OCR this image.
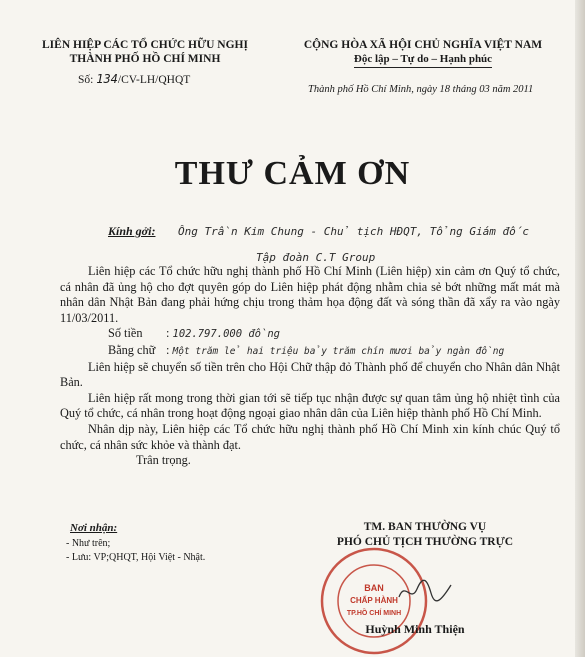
LIÊN HIỆP CÁC TỔ CHỨC HỮU NGHỊ
THÀNH PHỐ HỒ CHÍ MINH
Số: 134/CV-LH/QHQT
CỘNG HÒA XÃ HỘI CHỦ NGHĨA VIỆT NAM
Độc lập – Tự do – Hạnh phúc
Thành phố Hồ Chí Minh, ngày 18 tháng 03 năm 2011
THƯ CẢM ƠN
Kính gởi: Ông Trần Kim Chung - Chủ tịch HĐQT, Tổng Giám đốc
Tập đoàn C.T Group

Liên hiệp các Tổ chức hữu nghị thành phố Hồ Chí Minh (Liên hiệp) xin cảm ơn Quý tổ chức, cá nhân đã ủng hộ cho đợt quyên góp do Liên hiệp phát động nhằm chia sẻ bớt những mất mát mà nhân dân Nhật Bản đang phải hứng chịu trong thảm họa động đất và sóng thần đã xẩy ra vào ngày 11/03/2011.

Số tiền : 102.797.000 đồng
Bằng chữ : Một trăm lẻ hai triệu bảy trăm chín mươi bảy ngàn đồng

Liên hiệp sẽ chuyển số tiền trên cho Hội Chữ thập đỏ Thành phố để chuyển cho Nhân dân Nhật Bản.

Liên hiệp rất mong trong thời gian tới sẽ tiếp tục nhận được sự quan tâm ủng hộ nhiệt tình của Quý tổ chức, cá nhân trong hoạt động ngoại giao nhân dân của Liên hiệp thành phố Hồ Chí Minh.

Nhân dịp này, Liên hiệp các Tổ chức hữu nghị thành phố Hồ Chí Minh xin kính chúc Quý tổ chức, cá nhân sức khỏe và thành đạt.

Trân trọng.

Nơi nhận:
- Như trên;
- Lưu: VP;QHQT, Hội Việt - Nhật.
TM. BAN THƯỜNG VỤ
PHÓ CHỦ TỊCH THƯỜNG TRỰC
BAN
CHẤP HÀNH
TP.HỒ CHÍ MINH
Huỳnh Minh Thiện
